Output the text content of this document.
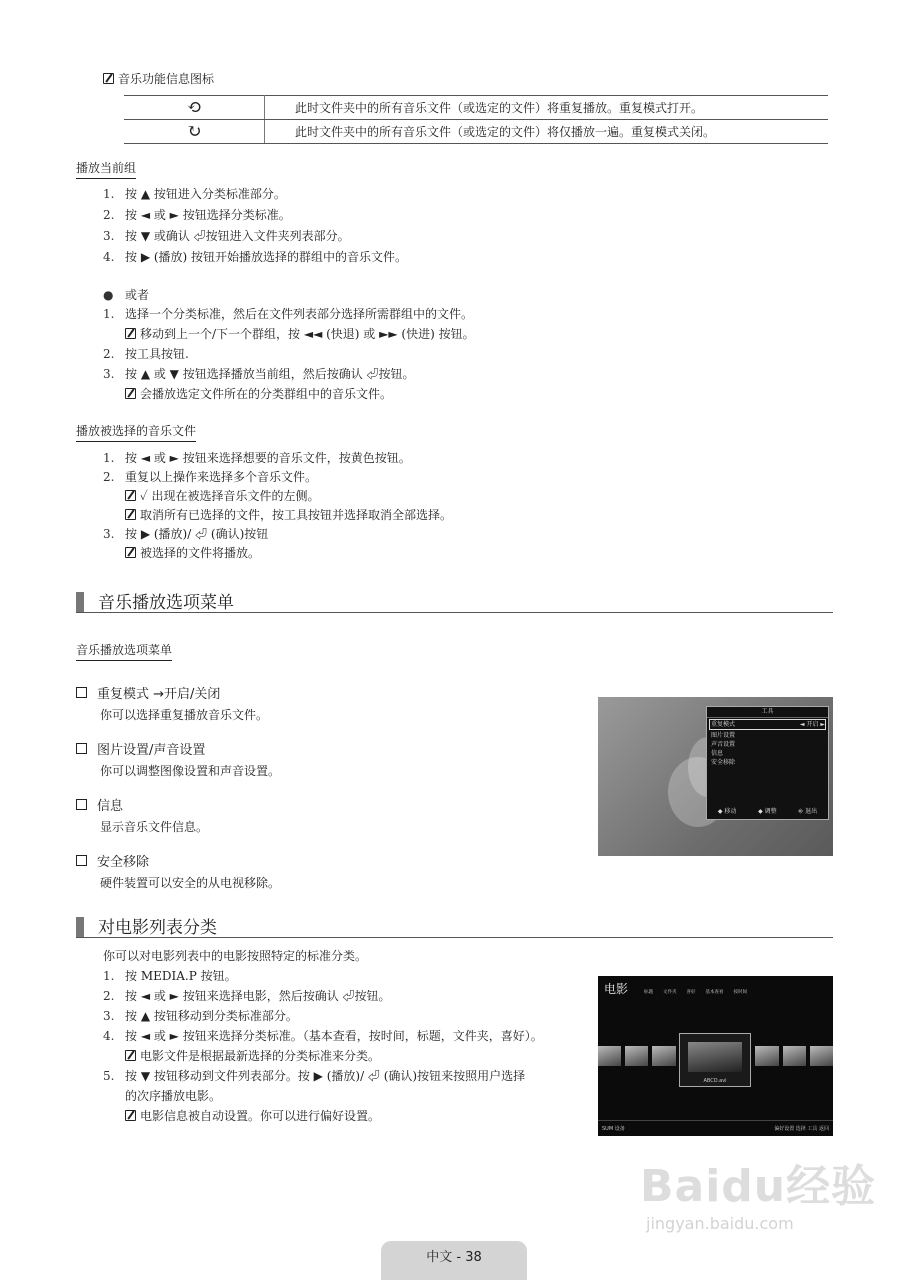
音乐功能信息图标
⟲	此时文件夹中的所有音乐文件（或选定的文件）将重复播放。重复模式打开。
↻	此时文件夹中的所有音乐文件（或选定的文件）将仅播放一遍。重复模式关闭。
播放当前组
1. 按 ▲ 按钮进入分类标准部分。
2. 按 ◄ 或 ► 按钮选择分类标准。
3. 按 ▼ 或确认 ⏎按钮进入文件夹列表部分。
4. 按 ▶ (播放) 按钮开始播放选择的群组中的音乐文件。
● 或者
1. 选择一个分类标准，然后在文件列表部分选择所需群组中的文件。
移动到上一个/下一个群组，按 ◄◄ (快退) 或 ►► (快进) 按钮。
2. 按工具按钮.
3. 按 ▲ 或 ▼ 按钮选择播放当前组，然后按确认 ⏎按钮。
会播放选定文件所在的分类群组中的音乐文件。
播放被选择的音乐文件
1. 按 ◄ 或 ► 按钮来选择想要的音乐文件，按黄色按钮。
2. 重复以上操作来选择多个音乐文件。
✓ 出现在被选择音乐文件的左侧。
取消所有已选择的文件，按工具按钮并选择取消全部选择。
3. 按 ▶ (播放)/ ⏎ (确认)按钮
被选择的文件将播放。
音乐播放选项菜单
音乐播放选项菜单
重复模式 →开启/关闭
你可以选择重复播放音乐文件。
图片设置/声音设置
你可以调整图像设置和声音设置。
信息
显示音乐文件信息。
安全移除
硬件装置可以安全的从电视移除。
工具
重复模式	◄ 开启 ►
图片设置
声音设置
信息
安全移除
◆ 移动	◆ 调整	⎆ 退出
对电影列表分类
你可以对电影列表中的电影按照特定的标准分类。
1. 按 MEDIA.P 按钮。
2. 按 ◄ 或 ► 按钮来选择电影，然后按确认 ⏎按钮。
3. 按 ▲ 按钮移动到分类标准部分。
4. 按 ◄ 或 ► 按钮来选择分类标准。（基本查看，按时间，标题，文件夹，喜好）。
电影文件是根据最新选择的分类标准来分类。
5. 按 ▼ 按钮移动到文件列表部分。按 ▶ (播放)/ ⏎ (确认)按钮来按照用户选择
的次序播放电影。
电影信息被自动设置。你可以进行偏好设置。
电影	标题 文件夹 喜好 基本查看 按时间
ABCD.avi
SUM 设备	偏好设置 选择 工具 返回
Baidu经验
jingyan.baidu.com
中文 - 38
